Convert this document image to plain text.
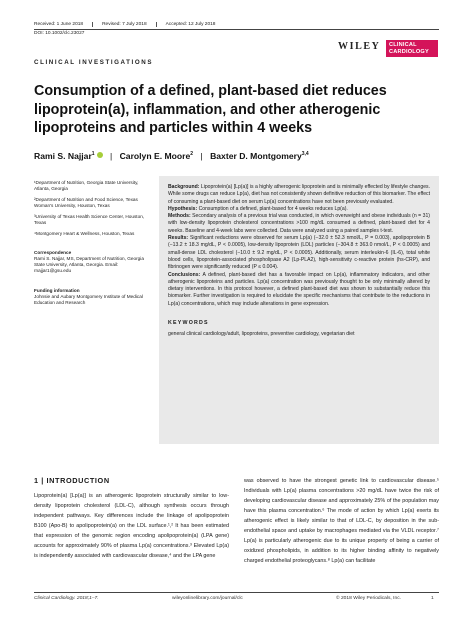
Received: 1 June 2018	Revised: 7 July 2018	Accepted: 12 July 2018
DOI: 10.1002/clc.23027
WILEY CLINICAL
CARDIOLOGY
CLINICAL INVESTIGATIONS
Consumption of a defined, plant-based diet reduces lipoprotein(a), inflammation, and other atherogenic lipoproteins and particles within 4 weeks
Rami S. Najjar$^1$ | Carolyn E. Moore$^2$ | Baxter D. Montgomery$^{3,4}$
¹Department of Nutrition, Georgia State University, Atlanta, Georgia
²Department of Nutrition and Food Science, Texas Woman's University, Houston, Texas
³University of Texas Health Science Center, Houston, Texas
⁴Montgomery Heart & Wellness, Houston, Texas
Correspondence
Rami S. Najjar, MS, Department of Nutrition, Georgia State University, Atlanta, Georgia. Email: rnajjar1@gsu.edu
Funding information
Johnsie and Aubary Montgomery Institute of Medical Education and Research

Background: Lipoprotein(a) [Lp(a)] is a highly atherogenic lipoprotein and is minimally effected by lifestyle changes. While some drugs can reduce Lp(a), diet has not consistently shown definitive reduction of this biomarker. The effect of consuming a plant-based diet on serum Lp(a) concentrations have not been previously evaluated.

Hypothesis: Consumption of a defined, plant-based for 4 weeks reduces Lp(a).

Methods: Secondary analysis of a previous trial was conducted, in which overweight and obese individuals (n = 31) with low-density lipoprotein cholesterol concentrations >100 mg/dL consumed a defined, plant-based diet for 4 weeks. Baseline and 4-week labs were collected. Data were analyzed using a paired samples t-test.

Results: Significant reductions were observed for serum Lp(a) (−32.0 ± 52.3 nmol/L, P = 0.003), apolipoprotein B (−13.2 ± 18.3 mg/dL, P < 0.0005), low-density lipoprotein (LDL) particles (−304.8 ± 363.0 nmol/L, P < 0.0005) and small-dense LDL cholesterol (−10.0 ± 9.2 mg/dL, P < 0.0005). Additionally, serum interleukin-6 (IL-6), total white blood cells, lipoprotein-associated phospholipase A2 (Lp-PLA2), high-sensitivity c-reactive protein (hs-CRP), and fibrinogen were significantly reduced (P ≤ 0.004).

Conclusions: A defined, plant-based diet has a favorable impact on Lp(a), inflammatory indicators, and other atherogenic lipoproteins and particles. Lp(a) concentration was previously thought to be only minimally altered by dietary interventions. In this protocol however, a defined plant-based diet was shown to substantially reduce this biomarker. Further investigation is required to elucidate the specific mechanisms that contribute to the reductions in Lp(a) concentrations, which may include alterations in gene expression.

KEYWORDS
general clinical cardiology/adult, lipoproteins, preventive cardiology, vegetarian diet
1 | INTRODUCTION

Lipoprotein(a) [Lp(a)] is an atherogenic lipoprotein structurally similar to low-density lipoprotein cholesterol (LDL-C), although synthesis occurs through independent pathways. Key differences include the linkage of apolipoprotein B100 (Apo-B) to apolipoprotein(a) on the LDL surface.¹,² It has been estimated that expression of the genomic region encoding apolipoprotein(a) (LPA gene) accounts for approximately 90% of plasma Lp(a) concentrations.³ Elevated Lp(a) is independently associated with cardiovascular disease,⁴ and the LPA gene

was observed to have the strongest genetic link to cardiovascular disease.⁵ Individuals with Lp(a) plasma concentrations >20 mg/dL have twice the risk of developing cardiovascular disease and approximately 25% of the population may have this plasma concentration.⁶ The mode of action by which Lp(a) exerts its atherogenic effect is likely similar to that of LDL-C, by deposition in the sub-endothelial space and uptake by macrophages mediated via the VLDL receptor.⁷ Lp(a) is particularly atherogenic due to its unique property of being a carrier of oxidized phospholipids, in addition to its higher binding affinity to negatively charged endothelial proteoglycans.⁸ Lp(a) can facilitate

Clinical Cardiology. 2018;1–7.	wileyonlinelibrary.com/journal/clc	© 2018 Wiley Periodicals, Inc.	1
